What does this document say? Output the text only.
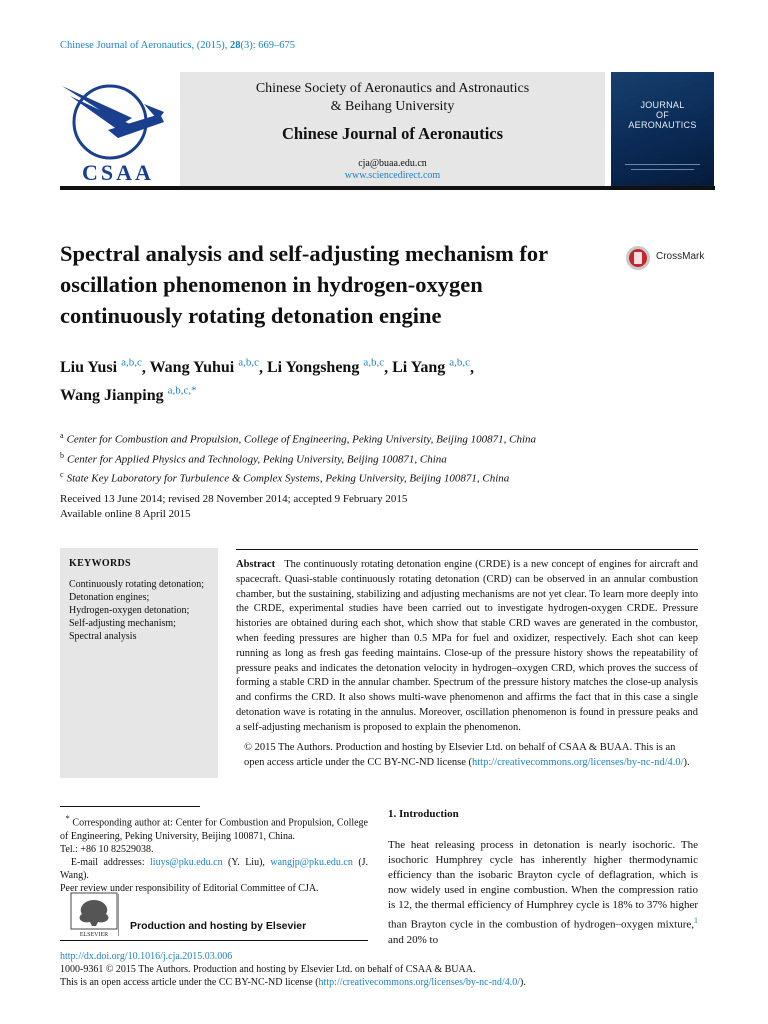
Chinese Journal of Aeronautics, (2015), 28(3): 669–675
CSAA
Chinese Society of Aeronautics and Astronautics
& Beihang University
Chinese Journal of Aeronautics
cja@buaa.edu.cn
www.sciencedirect.com
JOURNAL
OF
AERONAUTICS
Spectral analysis and self-adjusting mechanism for oscillation phenomenon in hydrogen-oxygen continuously rotating detonation engine
CrossMark
Liu Yusi $^{a,b,c}$, Wang Yuhui $^{a,b,c}$, Li Yongsheng $^{a,b,c}$, Li Yang $^{a,b,c}$,
Wang Jianping $^{a,b,c,*}$
$^a$ Center for Combustion and Propulsion, College of Engineering, Peking University, Beijing 100871, China
$^b$ Center for Applied Physics and Technology, Peking University, Beijing 100871, China
$^c$ State Key Laboratory for Turbulence & Complex Systems, Peking University, Beijing 100871, China
Received 13 June 2014; revised 28 November 2014; accepted 9 February 2015
Available online 8 April 2015
KEYWORDS
Continuously rotating detonation;
Detonation engines;
Hydrogen-oxygen detonation;
Self-adjusting mechanism;
Spectral analysis
Abstract The continuously rotating detonation engine (CRDE) is a new concept of engines for aircraft and spacecraft. Quasi-stable continuously rotating detonation (CRD) can be observed in an annular combustion chamber, but the sustaining, stabilizing and adjusting mechanisms are not yet clear. To learn more deeply into the CRDE, experimental studies have been carried out to investigate hydrogen-oxygen CRDE. Pressure histories are obtained during each shot, which show that stable CRD waves are generated in the combustor, when feeding pressures are higher than 0.5 MPa for fuel and oxidizer, respectively. Each shot can keep running as long as fresh gas feeding maintains. Close-up of the pressure history shows the repeatability of pressure peaks and indicates the detonation velocity in hydrogen–oxygen CRD, which proves the success of forming a stable CRD in the annular chamber. Spectrum of the pressure history matches the close-up analysis and confirms the CRD. It also shows multi-wave phenomenon and affirms the fact that in this case a single detonation wave is rotating in the annulus. Moreover, oscillation phenomenon is found in pressure peaks and a self-adjusting mechanism is proposed to explain the phenomenon.
© 2015 The Authors. Production and hosting by Elsevier Ltd. on behalf of CSAA & BUAA. This is an
open access article under the CC BY-NC-ND license (http://creativecommons.org/licenses/by-nc-nd/4.0/).
* Corresponding author at: Center for Combustion and Propulsion, College of Engineering, Peking University, Beijing 100871, China.
Tel.: +86 10 82529038.
E-mail addresses: liuys@pku.edu.cn (Y. Liu), wangjp@pku.edu.cn (J. Wang).
Peer review under responsibility of Editorial Committee of CJA.
ELSEVIER
Production and hosting by Elsevier
1. Introduction
The heat releasing process in detonation is nearly isochoric. The isochoric Humphrey cycle has inherently higher thermodynamic efficiency than the isobaric Brayton cycle of deflagration, which is now widely used in engine combustion. When the compression ratio is 12, the thermal efficiency of Humphrey cycle is 18% to 37% higher than Brayton cycle in the combustion of hydrogen–oxygen mixture,$^1$ and 20% to
http://dx.doi.org/10.1016/j.cja.2015.03.006
1000-9361 © 2015 The Authors. Production and hosting by Elsevier Ltd. on behalf of CSAA & BUAA.
This is an open access article under the CC BY-NC-ND license (http://creativecommons.org/licenses/by-nc-nd/4.0/).
